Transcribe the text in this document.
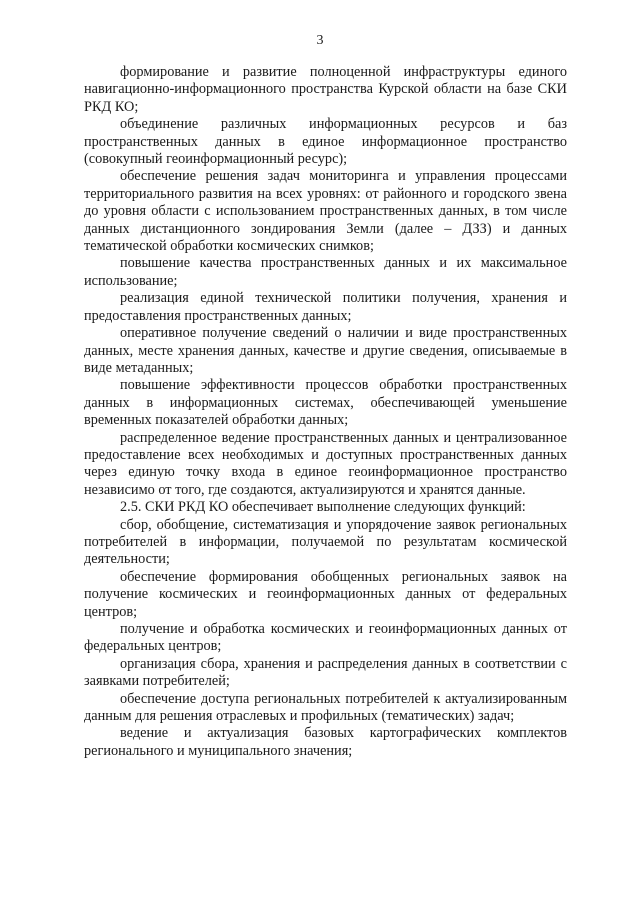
3

формирование и развитие полноценной инфраструктуры единого навигационно-информационного пространства Курской области на базе СКИ РКД КО;

объединение различных информационных ресурсов и баз пространственных данных в единое информационное пространство (совокупный геоинформационный ресурс);

обеспечение решения задач мониторинга и управления процессами территориального развития на всех уровнях: от районного и городского звена до уровня области с использованием пространственных данных, в том числе данных дистанционного зондирования Земли (далее – ДЗЗ) и данных тематической обработки космических снимков;

повышение качества пространственных данных и их максимальное использование;

реализация единой технической политики получения, хранения и предоставления пространственных данных;

оперативное получение сведений о наличии и виде пространственных данных, месте хранения данных, качестве и другие сведения, описываемые в виде метаданных;

повышение эффективности процессов обработки пространственных данных в информационных системах, обеспечивающей уменьшение временных показателей обработки данных;

распределенное ведение пространственных данных и централизованное предоставление всех необходимых и доступных пространственных данных через единую точку входа в единое геоинформационное пространство независимо от того, где создаются, актуализируются и хранятся данные.

2.5. СКИ РКД КО обеспечивает выполнение следующих функций:

сбор, обобщение, систематизация и упорядочение заявок региональных потребителей в информации, получаемой по результатам космической деятельности;

обеспечение формирования обобщенных региональных заявок на получение космических и геоинформационных данных от федеральных центров;

получение и обработка космических и геоинформационных данных от федеральных центров;

организация сбора, хранения и распределения данных в соответствии с заявками потребителей;

обеспечение доступа региональных потребителей к актуализированным данным для решения отраслевых и профильных (тематических) задач;

ведение и актуализация базовых картографических комплектов регионального и муниципального значения;
